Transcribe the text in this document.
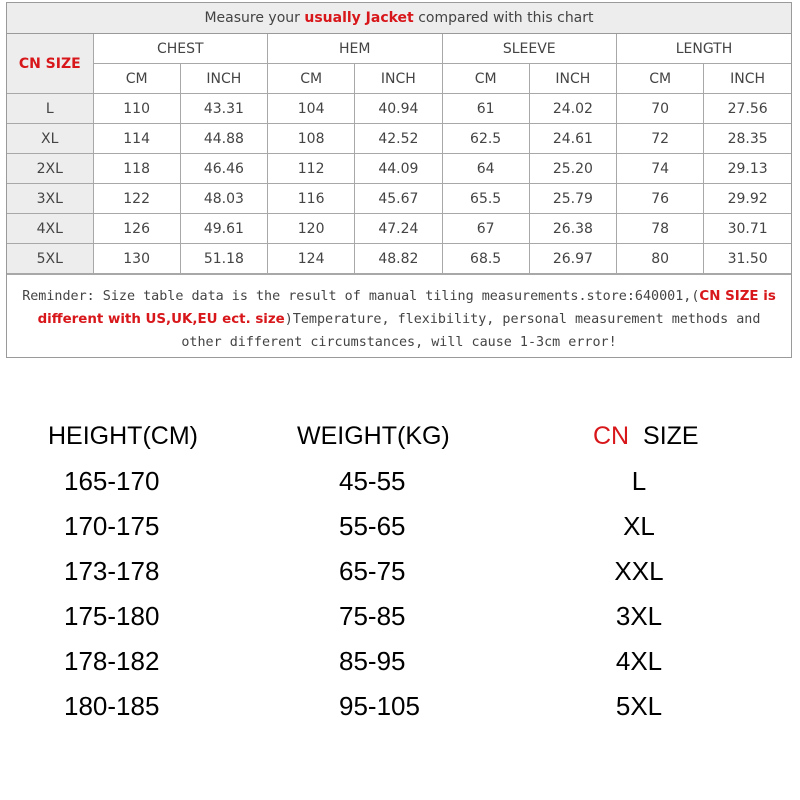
Measure your usually Jacket compared with this chart
CN SIZE	CHEST		HEM		SLEEVE		LENGTH	
	CM	INCH	CM	INCH	CM	INCH	CM	INCH
L	110	43.31	104	40.94	61	24.02	70	27.56
XL	114	44.88	108	42.52	62.5	24.61	72	28.35
2XL	118	46.46	112	44.09	64	25.20	74	29.13
3XL	122	48.03	116	45.67	65.5	25.79	76	29.92
4XL	126	49.61	120	47.24	67	26.38	78	30.71
5XL	130	51.18	124	48.82	68.5	26.97	80	31.50
Reminder: Size table data is the result of manual tiling measurements.store:640001,(CN SIZE is different with US,UK,EU ect. size)Temperature, flexibility, personal measurement methods and other different circumstances, will cause 1-3cm error!
HEIGHT(CM)	WEIGHT(KG)	CN SIZE
165-170	45-55	L
170-175	55-65	XL
173-178	65-75	XXL
175-180	75-85	3XL
178-182	85-95	4XL
180-185	95-105	5XL
